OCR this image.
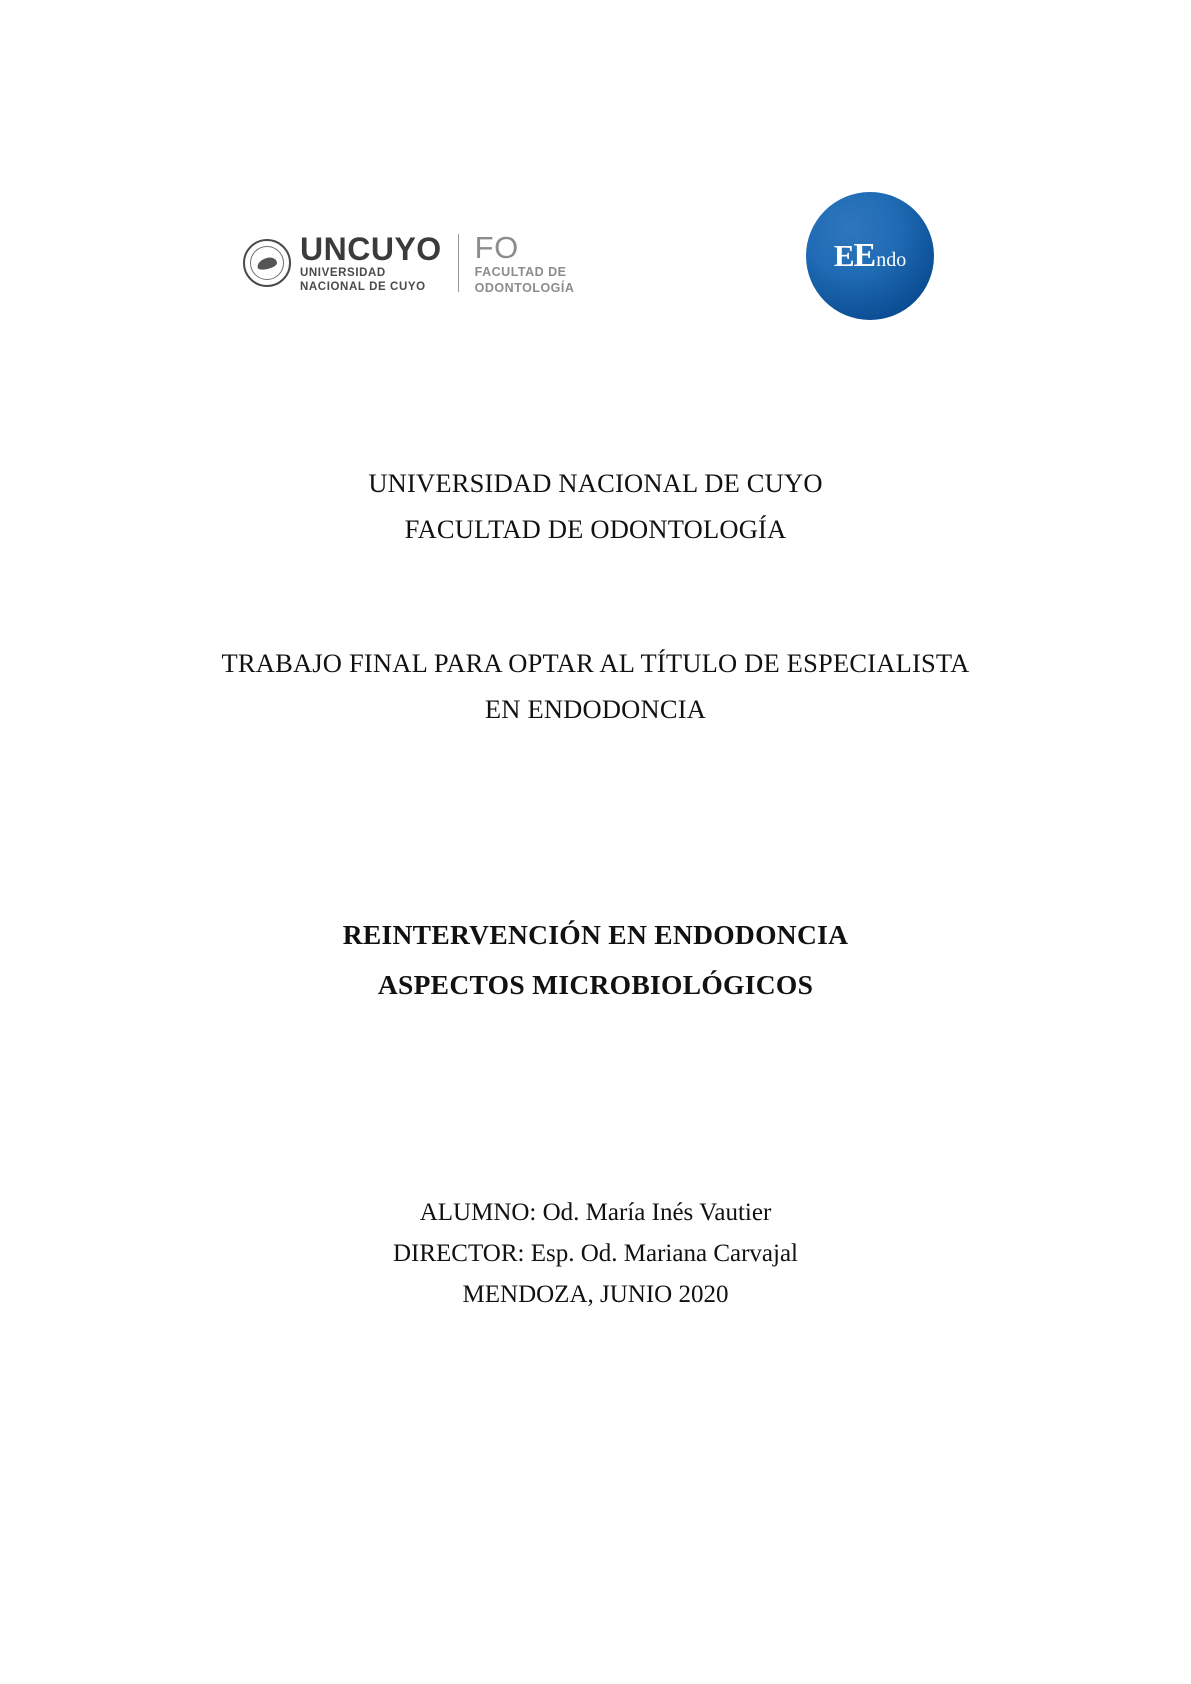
UNCUYO
UNIVERSIDAD
NACIONAL DE CUYO
FO
FACULTAD DE
ODONTOLOGÍA
EEndo
UNIVERSIDAD NACIONAL DE CUYO
FACULTAD DE ODONTOLOGÍA
TRABAJO FINAL PARA OPTAR AL TÍTULO DE ESPECIALISTA
EN ENDODONCIA
REINTERVENCIÓN EN ENDODONCIA
ASPECTOS MICROBIOLÓGICOS
ALUMNO: Od. María Inés Vautier
DIRECTOR: Esp. Od. Mariana Carvajal
MENDOZA, JUNIO 2020
